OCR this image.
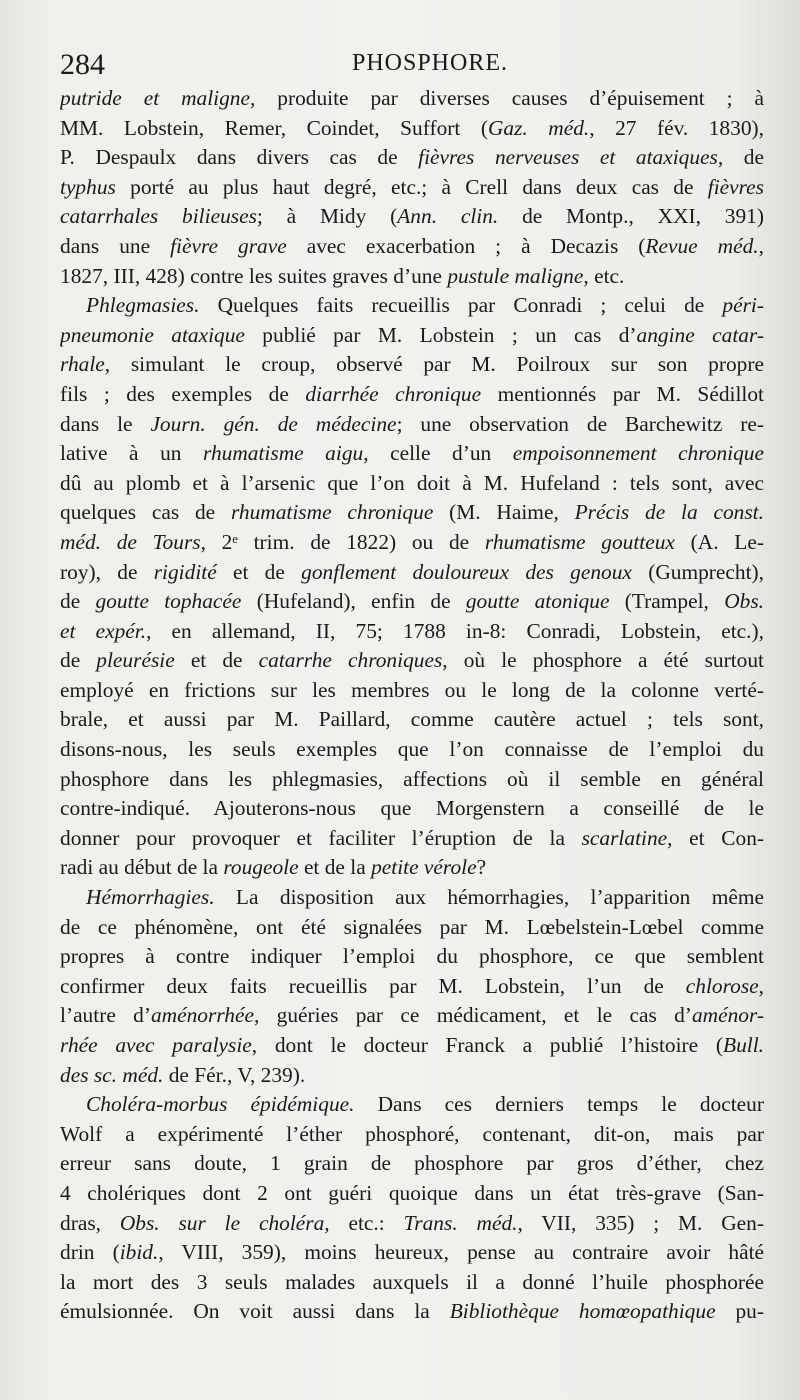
284	PHOSPHORE.
putride et maligne, produite par diverses causes d’épuisement ; à
MM. Lobstein, Remer, Coindet, Suffort (Gaz. méd., 27 fév. 1830),
P. Despaulx dans divers cas de fièvres nerveuses et ataxiques, de
typhus porté au plus haut degré, etc.; à Crell dans deux cas de fièvres
catarrhales bilieuses; à Midy (Ann. clin. de Montp., XXI, 391)
dans une fièvre grave avec exacerbation ; à Decazis (Revue méd.,
1827, III, 428) contre les suites graves d’une pustule maligne, etc.
Phlegmasies. Quelques faits recueillis par Conradi ; celui de péri-
pneumonie ataxique publié par M. Lobstein ; un cas d’angine catar-
rhale, simulant le croup, observé par M. Poilroux sur son propre
fils ; des exemples de diarrhée chronique mentionnés par M. Sédillot
dans le Journ. gén. de médecine; une observation de Barchewitz re-
lative à un rhumatisme aigu, celle d’un empoisonnement chronique
dû au plomb et à l’arsenic que l’on doit à M. Hufeland : tels sont, avec
quelques cas de rhumatisme chronique (M. Haime, Précis de la const.
méd. de Tours, 2ᵉ trim. de 1822) ou de rhumatisme goutteux (A. Le-
roy), de rigidité et de gonflement douloureux des genoux (Gumprecht),
de goutte tophacée (Hufeland), enfin de goutte atonique (Trampel, Obs.
et expér., en allemand, II, 75; 1788 in-8: Conradi, Lobstein, etc.),
de pleurésie et de catarrhe chroniques, où le phosphore a été surtout
employé en frictions sur les membres ou le long de la colonne verté-
brale, et aussi par M. Paillard, comme cautère actuel ; tels sont,
disons-nous, les seuls exemples que l’on connaisse de l’emploi du
phosphore dans les phlegmasies, affections où il semble en général
contre-indiqué. Ajouterons-nous que Morgenstern a conseillé de le
donner pour provoquer et faciliter l’éruption de la scarlatine, et Con-
radi au début de la rougeole et de la petite vérole?
Hémorrhagies. La disposition aux hémorrhagies, l’apparition même
de ce phénomène, ont été signalées par M. Lœbelstein-Lœbel comme
propres à contre indiquer l’emploi du phosphore, ce que semblent
confirmer deux faits recueillis par M. Lobstein, l’un de chlorose,
l’autre d’aménorrhée, guéries par ce médicament, et le cas d’aménor-
rhée avec paralysie, dont le docteur Franck a publié l’histoire (Bull.
des sc. méd. de Fér., V, 239).
Choléra-morbus épidémique. Dans ces derniers temps le docteur
Wolf a expérimenté l’éther phosphoré, contenant, dit-on, mais par
erreur sans doute, 1 grain de phosphore par gros d’éther, chez
4 cholériques dont 2 ont guéri quoique dans un état très-grave (San-
dras, Obs. sur le choléra, etc.: Trans. méd., VII, 335) ; M. Gen-
drin (ibid., VIII, 359), moins heureux, pense au contraire avoir hâté
la mort des 3 seuls malades auxquels il a donné l’huile phosphorée
émulsionnée. On voit aussi dans la Bibliothèque homœopathique pu-
